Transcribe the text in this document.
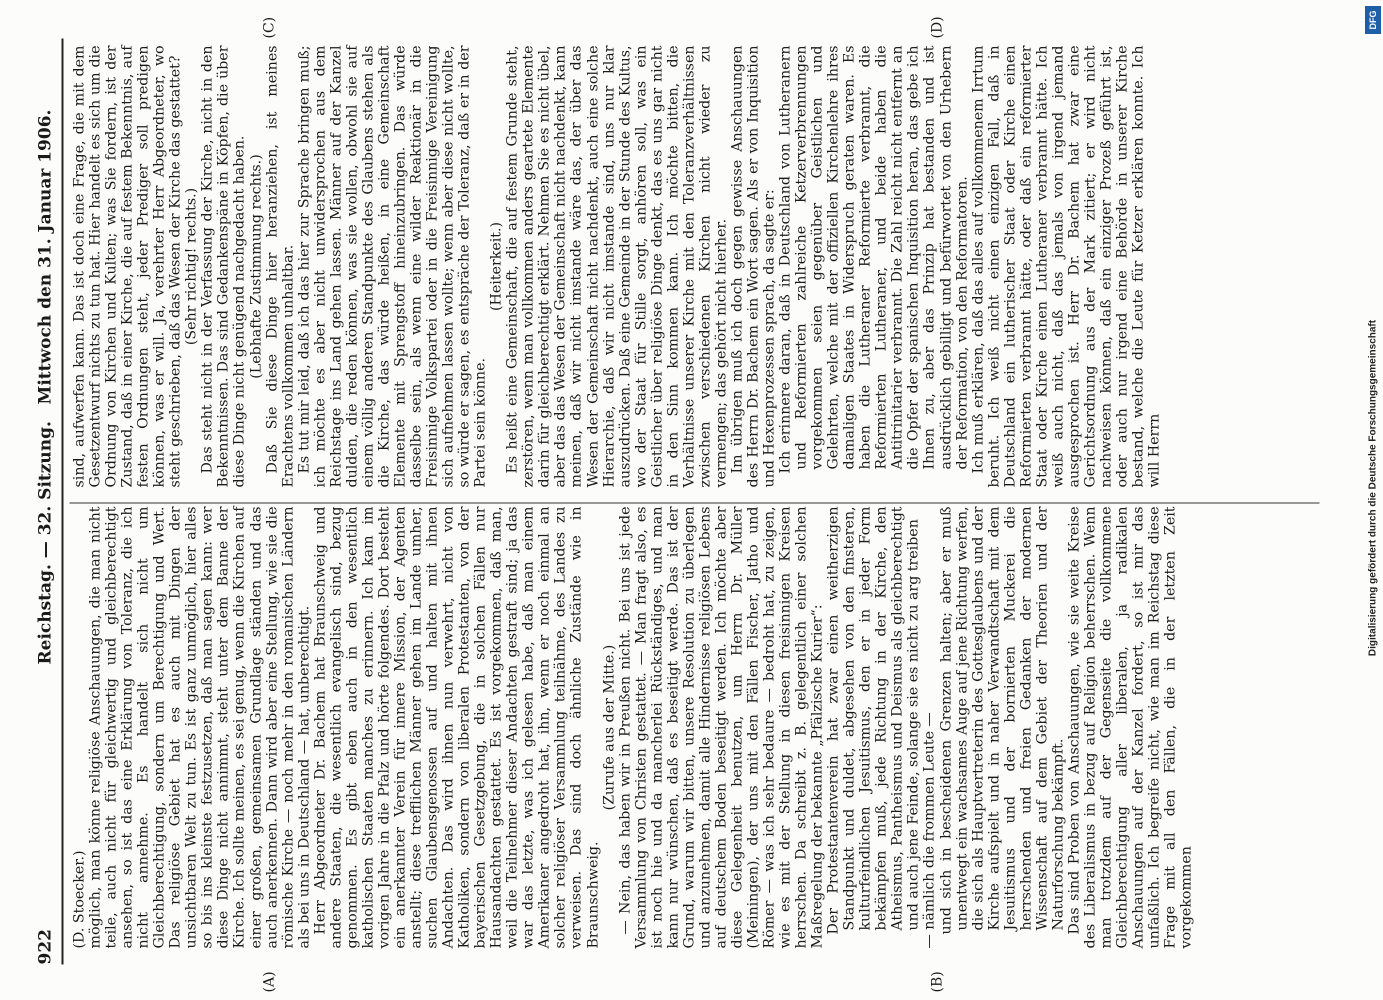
922
Reichstag. — 32. Sitzung.
Mittwoch den 31. Januar 1906.
(A)	(B)
(C)	(D)

(D. Stoecker.) möglich, man könne religiöse Anschauungen, die man nicht teile, auch nicht für gleichwertig und gleichberechtigt ansehen, so ist das eine Erklärung von Toleranz, die ich nicht annehme. Es handelt sich nicht um Gleichberechtigung, sondern um Berechtigung und Wert. Das religiöse Gebiet hat es auch mit Dingen der unsichtbaren Welt zu tun. Es ist ganz unmöglich, hier alles so bis ins kleinste festzusetzen, daß man sagen kann: wer diese Dinge nicht annimmt, steht unter dem Banne der Kirche. Ich sollte meinen, es sei genug, wenn die Kirchen auf einer großen, gemeinsamen Grundlage ständen und das auch anerkennen. Dann wird aber eine Stellung, wie sie die römische Kirche — noch mehr in den romanischen Ländern als bei uns in Deutschland — hat, unberechtigt. Herr Abgeordneter Dr. Bachem hat Braunschweig und andere Staaten, die wesentlich evangelisch sind, bezug genommen. Es gibt eben auch in den wesentlich katholischen Staaten manches zu erinnern. Ich kam im vorigen Jahre in die Pfalz und hörte folgendes. Dort besteht ein anerkannter Verein für innere Mission, der Agenten anstellt; diese trefflichen Männer gehen im Lande umher, suchen Glaubensgenossen auf und halten mit ihnen Andachten. Das wird ihnen nun verwehrt, nicht von Katholiken, sondern von liberalen Protestanten, von der bayerischen Gesetzgebung, die in solchen Fällen nur Hausandachten gestattet. Es ist vorgekommen, daß man, weil die Teilnehmer dieser Andachten gestraft sind; ja das war das letzte, was ich gelesen habe, daß man einem Amerikaner angedroht hat, ihn, wenn er noch einmal an solcher religiöser Versammlung teilnähme, des Landes zu verweisen. Das sind doch ähnliche Zustände wie in Braunschweig.

(Zurufe aus der Mitte.) — Nein, das haben wir in Preußen nicht. Bei uns ist jede Versammlung von Christen gestattet. — Man fragt also, es ist noch hie und da mancherlei Rückständiges, und man kann nur wünschen, daß es beseitigt werde. Das ist der Grund, warum wir bitten, unsere Resolution zu überlegen und anzunehmen, damit alle Hindernisse religiösen Lebens auf deutschem Boden beseitigt werden. Ich möchte aber diese Gelegenheit benutzen, um Herrn Dr. Müller (Meiningen), der uns mit den Fällen Fischer, Jatho und Römer — was ich sehr bedaure — bedroht hat, zu zeigen, wie es mit der Stellung in diesen freisinnigen Kreisen herrschen. Da schreibt z. B. gelegentlich einer solchen Maßregelung der bekannte „Pfälzische Kurier“: Der Protestantenverein hat zwar einen weitherzigen Standpunkt und duldet, abgesehen von den finsteren, kulturfeindlichen Jesuitismus, den er in jeder Form bekämpfen muß, jede Richtung in der Kirche, den Atheismus, Pantheismus und Deismus als gleichberechtigt und auch jene Feinde, solange sie es nicht zu arg treiben — nämlich die frommen Leute — und sich in bescheidenen Grenzen halten; aber er muß unentwegt ein wachsames Auge auf jene Richtung werfen, die sich als Hauptvertreterin des Gottesglaubens und der Kirche aufspielt und in naher Verwandtschaft mit dem Jesuitismus und der bornierten Muckerei die herrschenden und freien Gedanken der modernen Wissenschaft auf dem Gebiet der Theorien und der Naturforschung bekämpft. Das sind Proben von Anschauungen, wie sie weite Kreise des Liberalismus in bezug auf Religion beherrschen. Wenn man trotzdem auf der Gegenseite die vollkommene Gleichberechtigung aller liberalen, ja radikalen Anschauungen auf der Kanzel fordert, so ist mir das unfaßlich. Ich begreife nicht, wie man im Reichstag diese Frage mit all den Fällen, die in der letzten Zeit vorgekommen

sind, aufwerfen kann. Das ist doch eine Frage, die mit dem Gesetzentwurf nichts zu tun hat. Hier handelt es sich um die Ordnung von Kirchen und Kulten; was Sie fordern, ist der Zustand, daß in einer Kirche, die auf festem Bekenntnis, auf festen Ordnungen steht, jeder Prediger soll predigen können, was er will. Ja, verehrter Herr Abgeordneter, wo steht geschrieben, daß das Wesen der Kirche das gestattet? (Sehr richtig! rechts.) Das steht nicht in der Verfassung der Kirche, nicht in den Bekenntnissen. Das sind Gedankenspäne in Köpfen, die über diese Dinge nicht genügend nachgedacht haben. (Lebhafte Zustimmung rechts.) Daß Sie diese Dinge hier heranziehen, ist meines Erachtens vollkommen unhaltbar. Es tut mir leid, daß ich das hier zur Sprache bringen muß; ich möchte es aber nicht unwidersprochen aus dem Reichstage ins Land gehen lassen. Männer auf der Kanzel dulden, die reden können, was sie wollen, obwohl sie auf einem völlig anderen Standpunkte des Glaubens stehen als die Kirche, das würde heißen, in eine Gemeinschaft Elemente mit Sprengstoff hineinzubringen. Das würde dasselbe sein, als wenn eine wilder Reaktionär in die Freisinnige Volkspartei oder in die Freisinnige Vereinigung sich aufnehmen lassen wollte; wenn aber diese nicht wollte, so würde er sagen, es entspräche der Toleranz, daß er in der Partei sein könne.

(Heiterkeit.) Es heißt eine Gemeinschaft, die auf festem Grunde steht, zerstören, wenn man vollkommen anders geartete Elemente darin für gleichberechtigt erklärt. Nehmen Sie es nicht übel, aber das das Wesen der Gemeinschaft nicht nachdenkt, kann meinen, daß wir nicht imstande wäre das, der über das Wesen der Gemeinschaft nicht nachdenkt, auch eine solche Hierarchie, daß wir nicht imstande sind, uns nur klar auszudrücken. Daß eine Gemeinde in der Stunde des Kultus, wo der Staat für Stille sorgt, anhören soll, was ein Geistlicher über religiöse Dinge denkt, das es uns gar nicht in den Sinn kommen kann. Ich möchte bitten, die Verhältnisse unserer Kirche mit den Toleranzverhältnissen zwischen verschiedenen Kirchen nicht wieder zu vermengen; das gehört nicht hierher. Im übrigen muß ich doch gegen gewisse Anschauungen des Herrn Dr. Bachem ein Wort sagen. Als er von Inquisition und Hexenprozessen sprach, da sagte er: Ich erinnere daran, daß in Deutschland von Lutheranern und Reformierten zahlreiche Ketzerverbrennungen vorgekommen seien gegenüber Geistlichen und Gelehrten, welche mit der offiziellen Kirchenlehre ihres damaligen Staates in Widerspruch geraten waren. Es haben die Lutheraner Reformierte verbrannt, die Reformierten Lutheraner, und beide haben die Antitrinitarier verbrannt. Die Zahl reicht nicht entfernt an die Opfer der spanischen Inquisition heran, das gebe ich Ihnen zu, aber das Prinzip hat bestanden und ist ausdrücklich gebilligt und befürwortet von den Urhebern der Reformation, von den Reformatoren. Ich muß erklären, daß das alles auf vollkommenem Irrtum beruht. Ich weiß nicht einen einzigen Fall, daß in Deutschland ein lutherischer Staat oder Kirche einen Reformierten verbrannt hätte, oder daß ein reformierter Staat oder Kirche einen Lutheraner verbrannt hätte. Ich weiß auch nicht, daß das jemals von irgend jemand ausgesprochen ist. Herr Dr. Bachem hat zwar eine Gerichtsordnung aus der Mark zitiert; er wird nicht nachweisen können, daß ein einziger Prozeß geführt ist, oder auch nur irgend eine Behörde in unserer Kirche bestand, welche die Leute für Ketzer erklären konnte. Ich will Herrn

DFG
Digitalisierung gefördert durch die Deutsche Forschungsgemeinschaft
